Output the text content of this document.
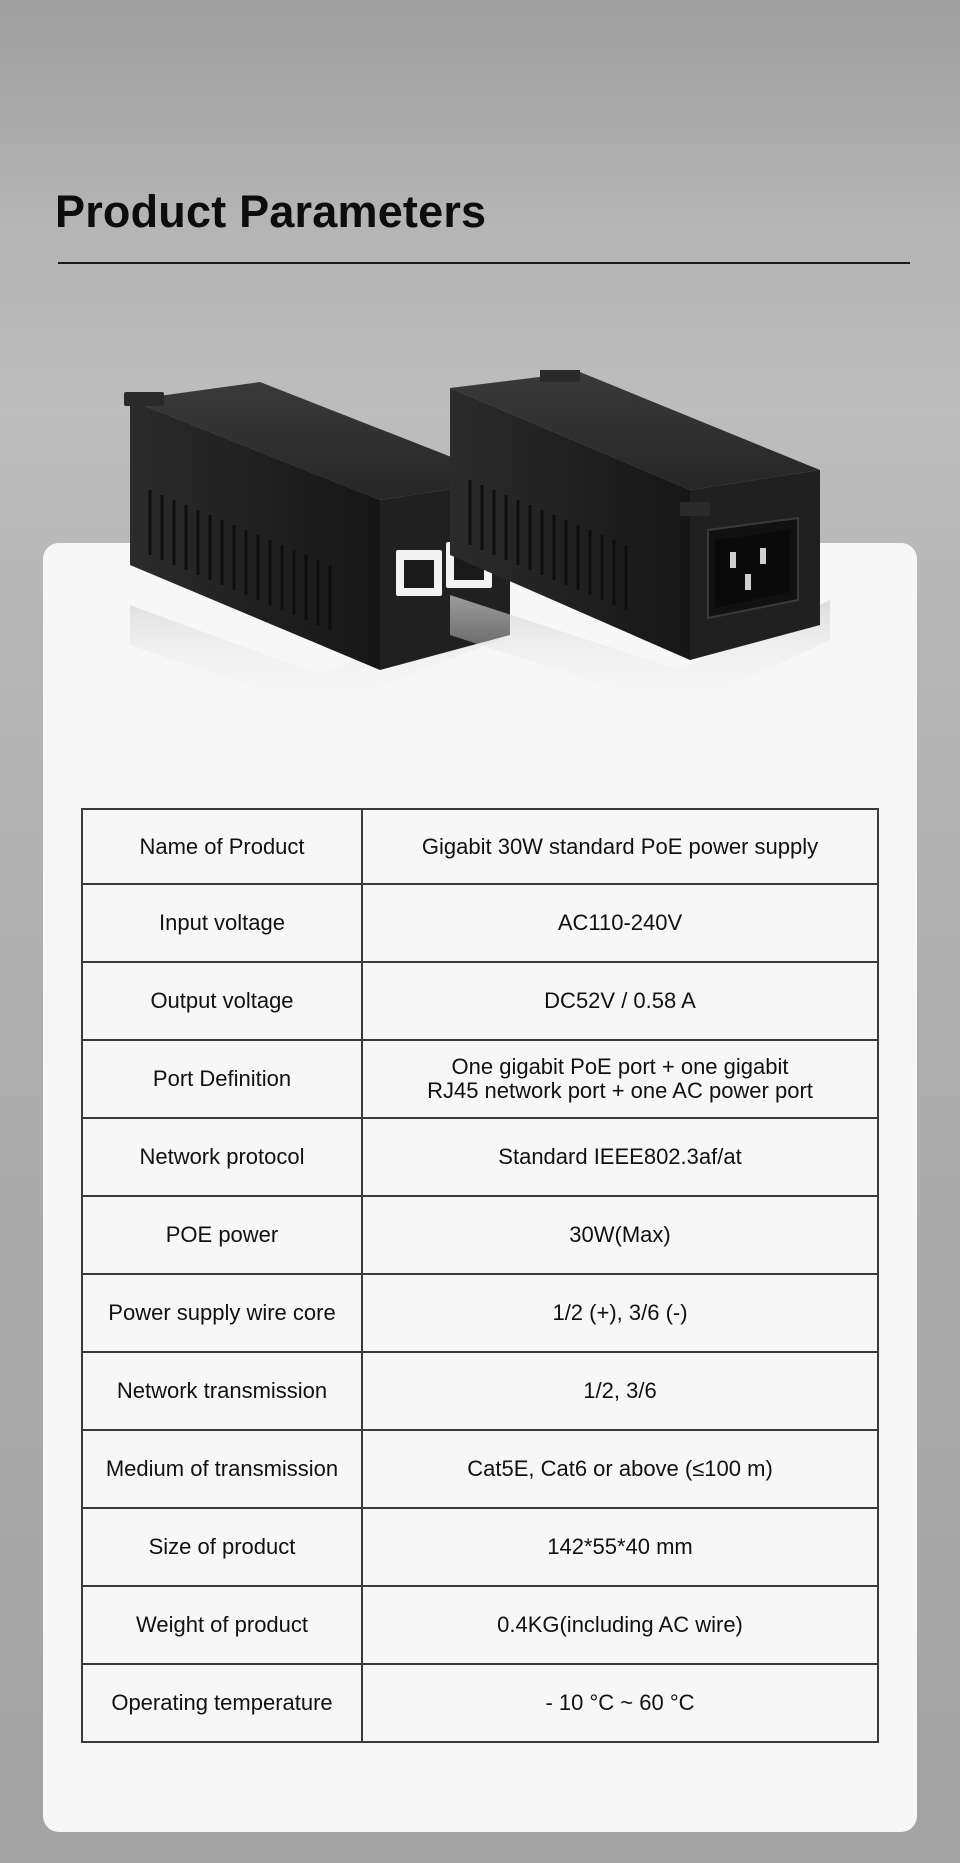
Product Parameters
Name of Product	Gigabit 30W standard PoE power supply
Input voltage	AC110-240V
Output voltage	DC52V / 0.58 A
Port Definition	One gigabit PoE port + one gigabit
RJ45 network port + one AC power port
Network protocol	Standard IEEE802.3af/at
POE power	30W(Max)
Power supply wire core	1/2 (+), 3/6 (-)
Network transmission	1/2, 3/6
Medium of transmission	Cat5E, Cat6 or above (≤100 m)
Size of product	142*55*40 mm
Weight of product	0.4KG(including AC wire)
Operating temperature	- 10 °C ~ 60 °C
